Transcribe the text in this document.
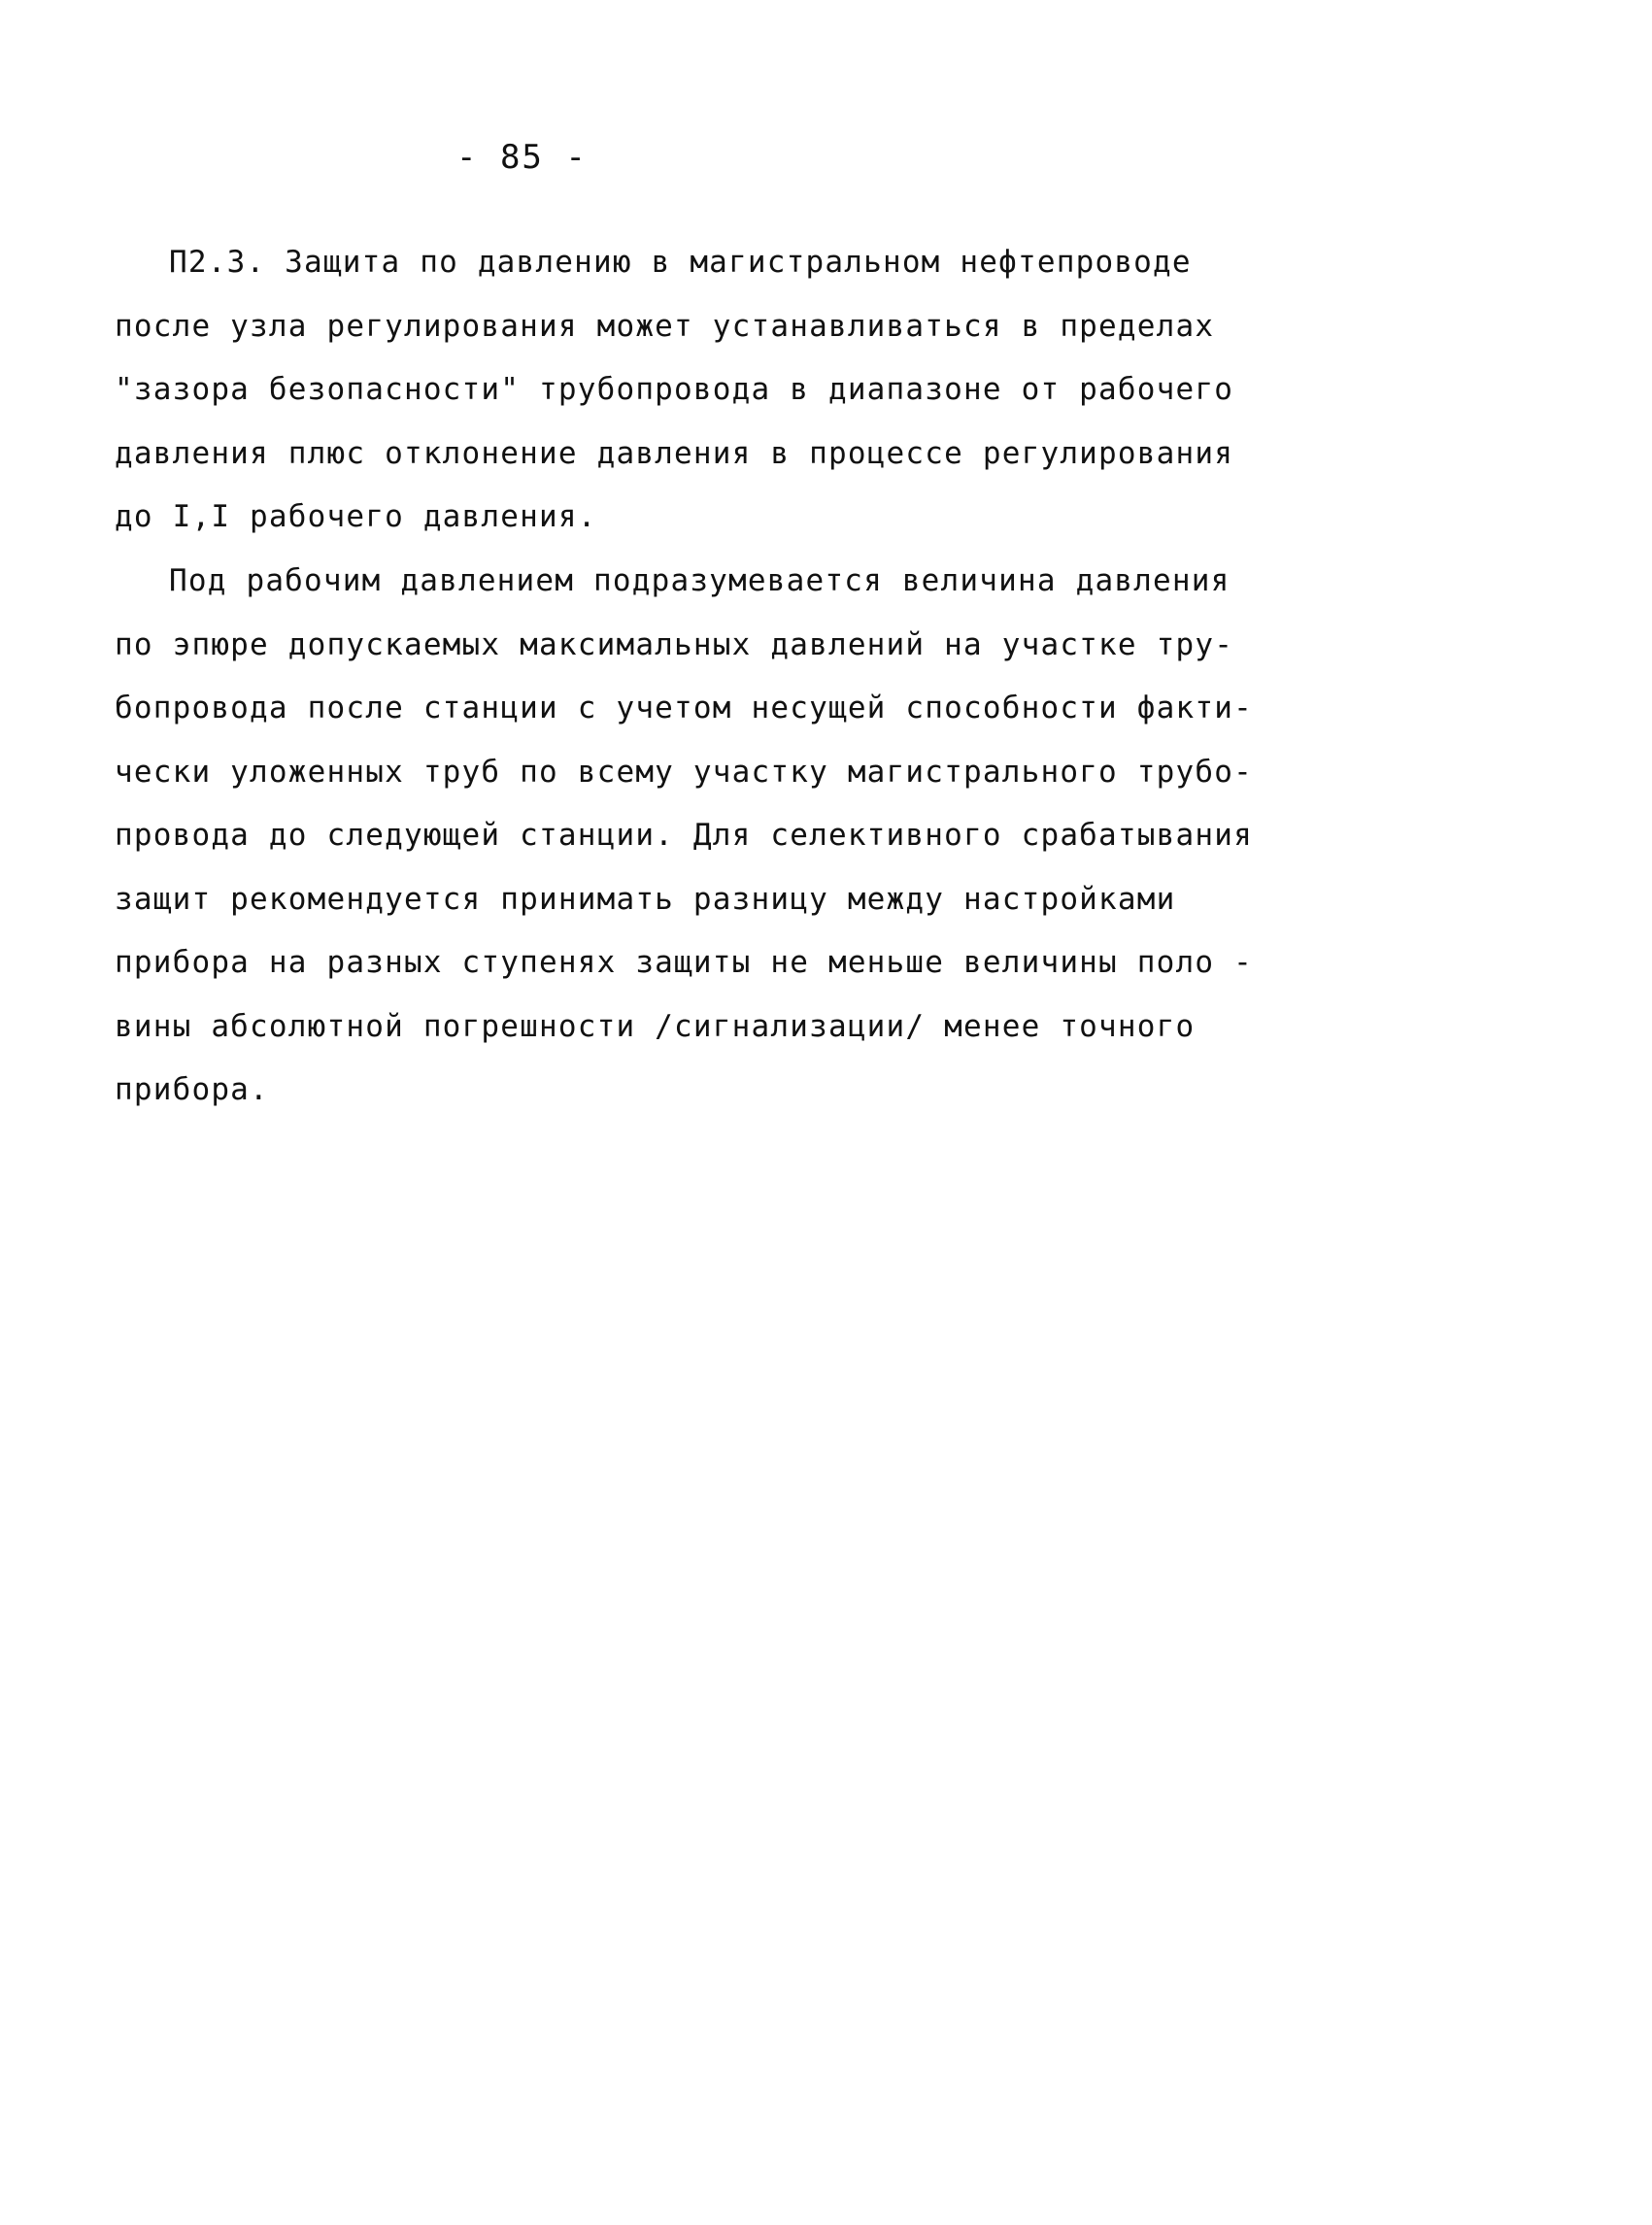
- 85 -
П2.3. Защита по давлению в магистральном нефтепроводе
после узла регулирования может устанавливаться в пределах
"зазора безопасности" трубопровода в диапазоне от рабочего
давления плюс отклонение давления в процессе регулирования
до I,I рабочего давления.
Под рабочим давлением подразумевается величина давления
по эпюре допускаемых максимальных давлений на участке тру-
бопровода после станции с учетом несущей способности факти-
чески уложенных труб по всему участку магистрального трубо-
провода до следующей станции. Для селективного срабатывания
защит рекомендуется принимать разницу между настройками
прибора на разных ступенях защиты не меньше величины поло -
вины абсолютной погрешности /сигнализации/ менее точного
прибора.
